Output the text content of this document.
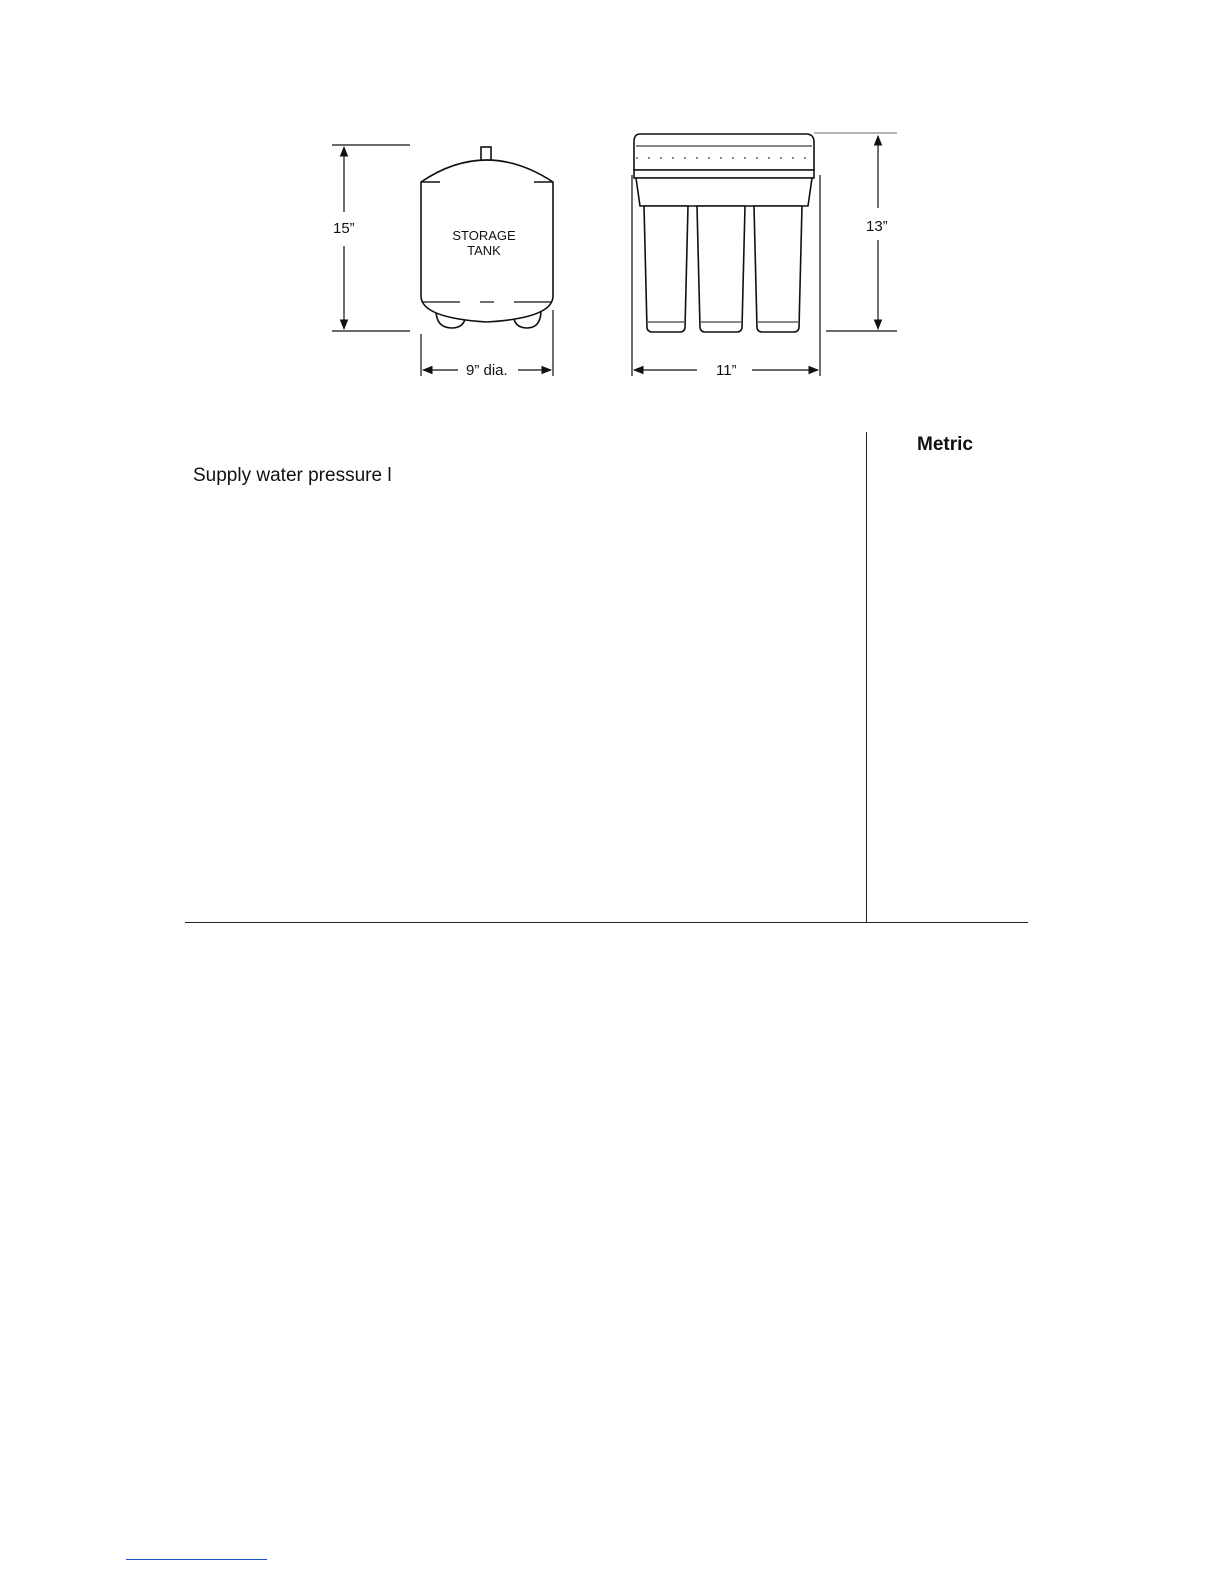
15”
9” dia.
STORAGE
TANK
13”
11”
Metric
Supply water pressure l
